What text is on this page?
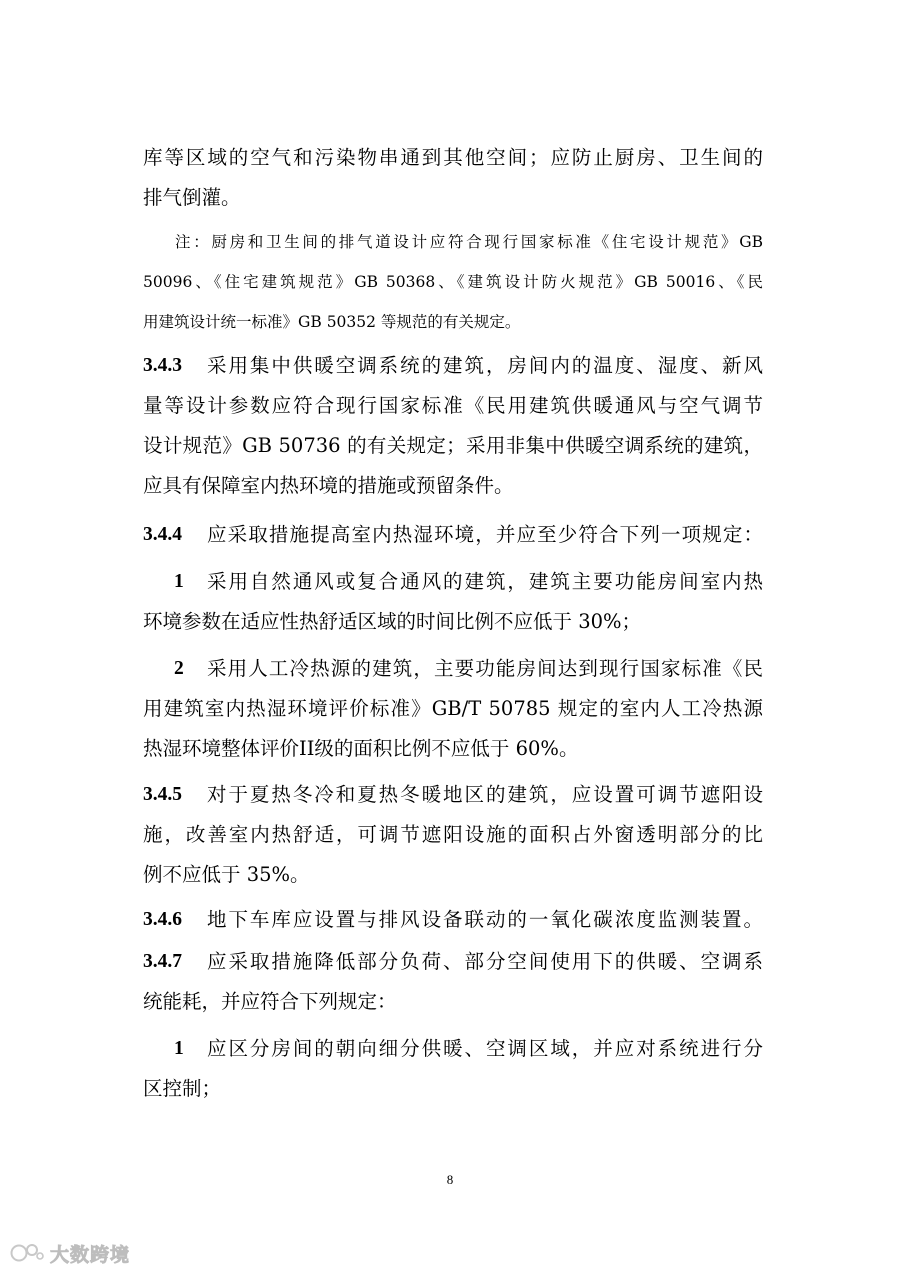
库等区域的空气和污染物串通到其他空间；应防止厨房、卫生间的
排气倒灌。
注：厨房和卫生间的排气道设计应符合现行国家标准《住宅设计规范》GB
50096、《住宅建筑规范》GB 50368、《建筑设计防火规范》GB 50016、《民
用建筑设计统一标准》GB 50352 等规范的有关规定。
3.4.3	采用集中供暖空调系统的建筑，房间内的温度、湿度、新风
量等设计参数应符合现行国家标准《民用建筑供暖通风与空气调节
设计规范》GB 50736 的有关规定；采用非集中供暖空调系统的建筑，
应具有保障室内热环境的措施或预留条件。
3.4.4	应采取措施提高室内热湿环境，并应至少符合下列一项规定：
1	采用自然通风或复合通风的建筑，建筑主要功能房间室内热
环境参数在适应性热舒适区域的时间比例不应低于 30%；
2	采用人工冷热源的建筑，主要功能房间达到现行国家标准《民
用建筑室内热湿环境评价标准》GB/T 50785 规定的室内人工冷热源
热湿环境整体评价II级的面积比例不应低于 60%。
3.4.5	对于夏热冬冷和夏热冬暖地区的建筑，应设置可调节遮阳设
施，改善室内热舒适，可调节遮阳设施的面积占外窗透明部分的比
例不应低于 35%。
3.4.6	地下车库应设置与排风设备联动的一氧化碳浓度监测装置。
3.4.7	应采取措施降低部分负荷、部分空间使用下的供暖、空调系
统能耗，并应符合下列规定：
1	应区分房间的朝向细分供暖、空调区域，并应对系统进行分
区控制；
8
大数跨境
